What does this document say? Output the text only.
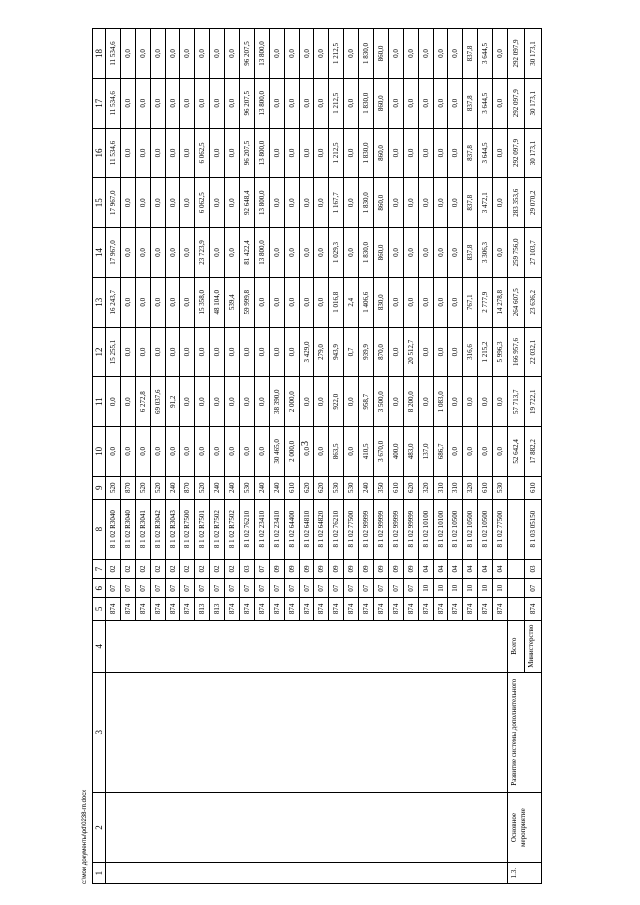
3
1	2	3	4	5	6	7	8	9	10	11	12	13	14	15	16	17	18
				874	07	02	8 1 02 R3040	520	0,0	0,0	15 255,1	16 243,7	17 967,0	17 967,0	11 534,6	11 534,6	11 534,6
				874	07	02	8 1 02 R3040	870	0,0	0,0	0,0	0,0	0,0	0,0	0,0	0,0	0,0
				874	07	02	8 1 02 R3041	520	0,0	6 272,8	0,0	0,0	0,0	0,0	0,0	0,0	0,0
				874	07	02	8 1 02 R3042	520	0,0	69 037,6	0,0	0,0	0,0	0,0	0,0	0,0	0,0
				874	07	02	8 1 02 R3043	240	0,0	91,2	0,0	0,0	0,0	0,0	0,0	0,0	0,0
				874	07	02	8 1 02 R7500	870	0,0	0,0	0,0	0,0	0,0	0,0	0,0	0,0	0,0
				813	07	02	8 1 02 R7501	520	0,0	0,0	0,0	15 358,0	23 723,9	6 062,5	6 062,5	0,0	0,0
				813	07	02	8 1 02 R7502	240	0,0	0,0	0,0	48 104,0	0,0	0,0	0,0	0,0	0,0
				874	07	02	8 1 02 R7502	240	0,0	0,0	0,0	539,4	0,0	0,0	0,0	0,0	0,0
				874	07	03	8 1 02 76210	530	0,0	0,0	0,0	59 999,8	81 422,4	92 648,4	96 207,5	96 207,5	96 207,5
				874	07	07	8 1 02 23410	240	0,0	0,0	0,0	0,0	13 800,0	13 800,0	13 800,0	13 800,0	13 800,0
				874	07	09	8 1 02 23410	240	30 465,0	38 390,0	0,0	0,0	0,0	0,0	0,0	0,0	0,0
				874	07	09	8 1 02 64400	610	2 000,0	2 000,0	0,0	0,0	0,0	0,0	0,0	0,0	0,0
				874	07	09	8 1 02 64810	620	0,0	0,0	3 429,0	0,0	0,0	0,0	0,0	0,0	0,0
				874	07	09	8 1 02 64820	620	0,0	0,0	279,0	0,0	0,0	0,0	0,0	0,0	0,0
				874	07	09	8 1 02 76210	530	863,5	922,0	943,9	1 016,8	1 029,3	1 167,7	1 212,5	1 212,5	1 212,5
				874	07	09	8 1 02 77500	530	0,0	0,0	0,7	2,4	0,0	0,0	0,0	0,0	0,0
				874	07	09	8 1 02 99999	240	410,5	958,7	939,9	1 406,6	1 830,0	1 830,0	1 830,0	1 830,0	1 830,0
				874	07	09	8 1 02 99999	350	3 670,0	3 500,0	870,0	830,0	860,0	860,0	860,0	860,0	860,0
				874	07	09	8 1 02 99999	610	400,0	0,0	0,0	0,0	0,0	0,0	0,0	0,0	0,0
				874	07	09	8 1 02 99999	620	483,0	8 200,0	20 512,7	0,0	0,0	0,0	0,0	0,0	0,0
				874	10	04	8 1 02 10100	320	137,0	0,0	0,0	0,0	0,0	0,0	0,0	0,0	0,0
				874	10	04	8 1 02 10100	310	686,7	1 083,0	0,0	0,0	0,0	0,0	0,0	0,0	0,0
				874	10	04	8 1 02 10500	310	0,0	0,0	0,0	0,0	0,0	0,0	0,0	0,0	0,0
				874	10	04	8 1 02 10500	320	0,0	0,0	316,6	767,1	837,8	837,8	837,8	837,8	837,8
				874	10	04	8 1 02 10500	610	0,0	0,0	1 215,2	2 777,9	3 306,3	3 472,1	3 644,5	3 644,5	3 644,5
				874	10	04	8 1 02 77500	530	0,0	0,0	5 996,3	14 278,8	0,0	0,0	0,0	0,0	0,0
1.3.	Основное мероприятие	Развитие системы дополнительного	Всего						52 642,4	57 713,7	166 957,6	264 607,5	259 756,0	283 353,6	292 097,9	292 097,9	292 097,9
			Министерство	874	07	03	8 1 03 05150	610	17 882,2	19 722,1	22 032,1	23 636,2	27 103,7	29 070,2	30 173,1	30 173,1	30 173,1
c:\мои документы\pd\0238-гп.docx
